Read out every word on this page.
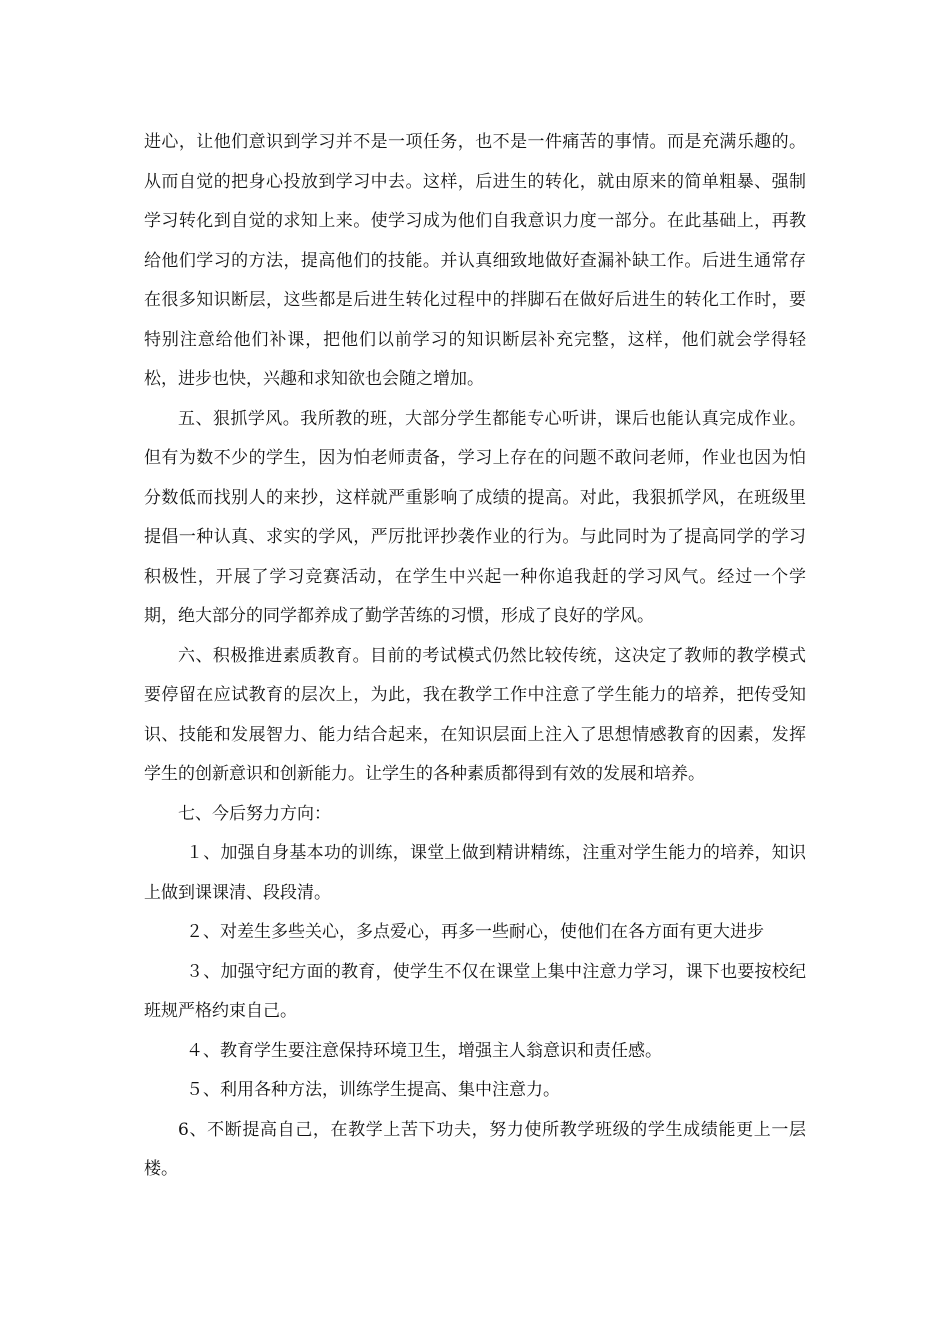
进心，让他们意识到学习并不是一项任务，也不是一件痛苦的事情。而是充满乐趣的。从而自觉的把身心投放到学习中去。这样，后进生的转化，就由原来的简单粗暴、强制学习转化到自觉的求知上来。使学习成为他们自我意识力度一部分。在此基础上，再教给他们学习的方法，提高他们的技能。并认真细致地做好查漏补缺工作。后进生通常存在很多知识断层，这些都是后进生转化过程中的拌脚石在做好后进生的转化工作时，要特别注意给他们补课，把他们以前学习的知识断层补充完整，这样，他们就会学得轻松，进步也快，兴趣和求知欲也会随之增加。

五、狠抓学风。我所教的班，大部分学生都能专心听讲，课后也能认真完成作业。但有为数不少的学生，因为怕老师责备，学习上存在的问题不敢问老师，作业也因为怕分数低而找别人的来抄，这样就严重影响了成绩的提高。对此，我狠抓学风，在班级里提倡一种认真、求实的学风，严厉批评抄袭作业的行为。与此同时为了提高同学的学习积极性，开展了学习竞赛活动，在学生中兴起一种你追我赶的学习风气。经过一个学期，绝大部分的同学都养成了勤学苦练的习惯，形成了良好的学风。

六、积极推进素质教育。目前的考试模式仍然比较传统，这决定了教师的教学模式要停留在应试教育的层次上，为此，我在教学工作中注意了学生能力的培养，把传受知识、技能和发展智力、能力结合起来，在知识层面上注入了思想情感教育的因素，发挥学生的创新意识和创新能力。让学生的各种素质都得到有效的发展和培养。

七、今后努力方向：

１、加强自身基本功的训练，课堂上做到精讲精练，注重对学生能力的培养，知识上做到课课清、段段清。

２、对差生多些关心，多点爱心，再多一些耐心，使他们在各方面有更大进步

３、加强守纪方面的教育，使学生不仅在课堂上集中注意力学习，课下也要按校纪班规严格约束自己。

４、教育学生要注意保持环境卫生，增强主人翁意识和责任感。

５、利用各种方法，训练学生提高、集中注意力。

6、不断提高自己，在教学上苦下功夫，努力使所教学班级的学生成绩能更上一层楼。
